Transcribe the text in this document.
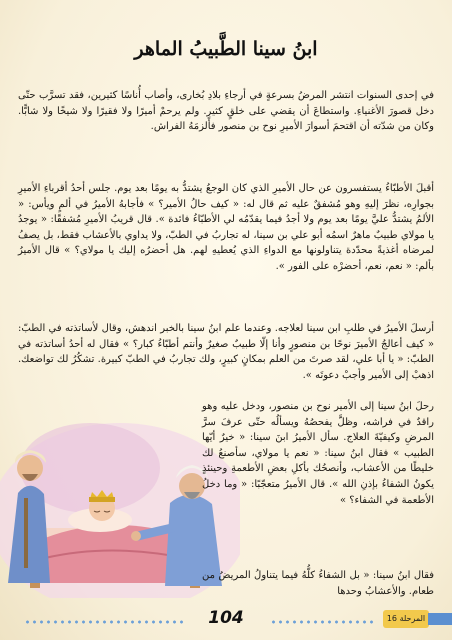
ابنُ سينا الطَّبيبُ الماهر

في إحدى السنوات انتشر المرضُ بسرعةٍ في أرجاءِ بلادِ بُخارى، وأصاب أُناسًا كثيرين، فقد تسرَّب حتّى دخل قصورَ الأغنياءِ. واستطاعَ أن يقضي على خلقٍ كثيرٍ. ولم يرحمْ أميرًا ولا فقيرًا ولا شيخًا ولا شابًّا. وكان من شدّته أن اقتحمَ أسوارَ الأميرِ نوح بن منصور فألزمَهُ الفراش.

أقبلَ الأطبّاءُ يستفسرون عن حال الأميرِ الذي كان الوجعُ يشتدُّ به يومًا بعد يوم. جلس أحدُ أقرباءِ الأميرِ بجوارِه، نظرَ إليهِ وهو مُشفقٌ عليه ثم قال له: « كيف حالُ الأمير؟ » فأجابهُ الأميرُ في ألمٍ ويأس: « الألمُ يشتدُّ عليَّ يومًا بعد يوم ولا أجدُ فيما يقدّمُه لي الأطبّاءُ فائدة ». قال قريبُ الأميرِ مُشفقًا: « يوجدُ يا مولاي طبيبٌ ماهرٌ اسمُه أبو علي بن سينا، له تجاربُ في الطبّ، ولا يداوي بالأعشاب فقط، بل يصفُ لمرضاه أغذيةً محدّدة يتناولونها مع الدواءِ الذي يُعطيهِ لهم. هل أحضرُه إليك يا مولاي؟ » قال الأميرُ بألم: « نعم، نعم، أحضرْه على الفور ».

أرسلَ الأميرُ في طلبِ ابن سينا لعلاجه. وعندما علم ابنُ سينا بالخبر اندهش، وقال لأساتذته في الطبّ: « كيف أعالجُ الأميرَ نوحًا بن منصورٍ وأنا إلّا طبيبٌ صغيرٌ وأنتم أطبّاءُ كبار؟ » فقال له أحدُ أساتذته في الطبّ: « يا أبا علي، لقد صرتَ من العلم بمكانٍ كبيرٍ، ولك تجاربُ في الطبّ كبيرة. تشكُرُ لك تواضعك. اذهبْ إلى الأمير وأجبْ دعوتَه ».

رحلَ ابنُ سينا إلى الأمير نوح بن منصور، ودخل عليه وهو راقدٌ في فراشه، وظلَّ يفحصُهُ ويسألُه حتّى عرفَ سرَّ المرضِ وكيفيّةَ العلاج. سأل الأميرُ ابنَ سينا: « خيرٌ أيّها الطبيب » فقال ابنُ سينا: « نعم يا مولاي، سأصنعُ لك خليطًا من الأعشاب، وأنصحُك بأكلِ بعضِ الأطعمةِ وحينئذٍ يكونُ الشفاءُ بإذنِ الله ». قال الأميرُ متعجّبًا: « وما دخلُ الأطعمة في الشفاء؟ »

فقال ابنُ سينا: « بل الشفاءُ كلُّهُ فيما يتناولُ المريضُ من طعام. والأعشابُ وحدها

104	المرحلة 16
